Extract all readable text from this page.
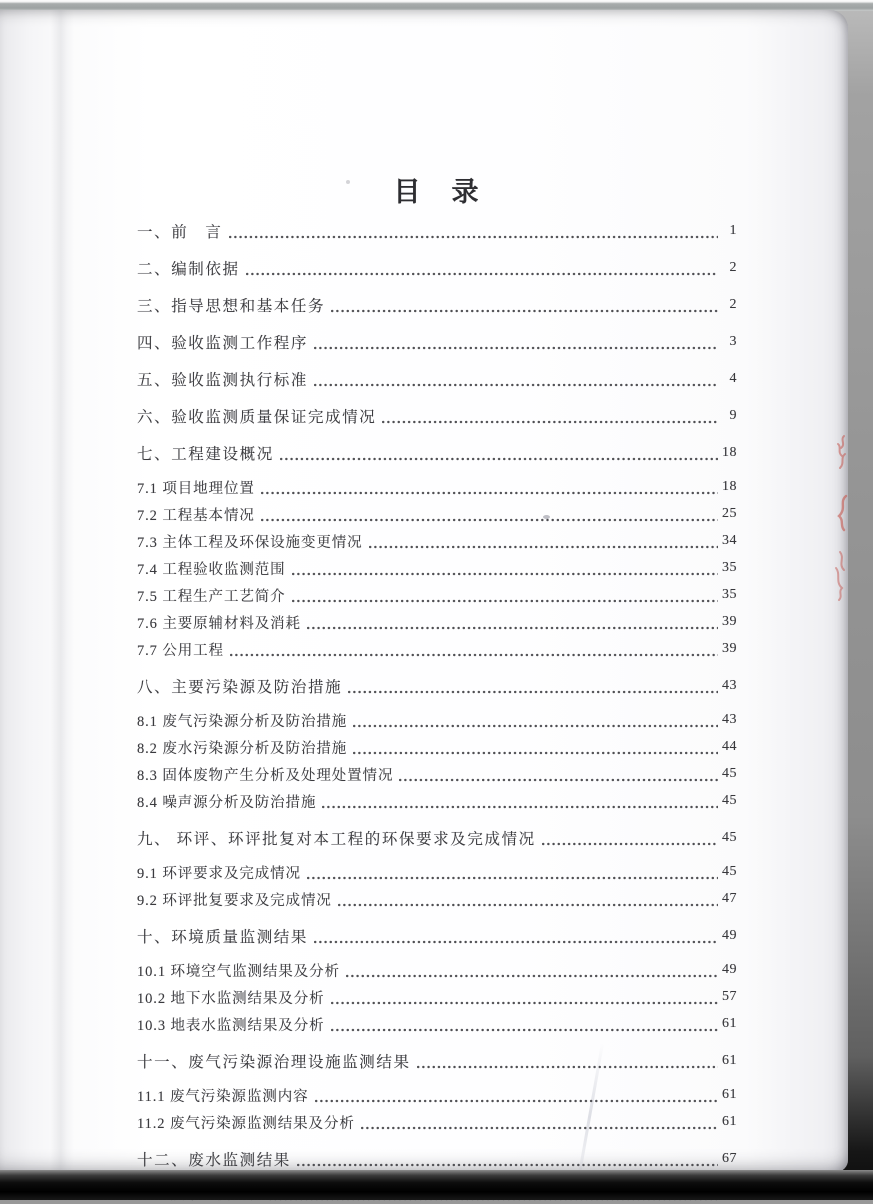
目　录
一、前　言	1
二、编制依据	2
三、指导思想和基本任务	2
四、验收监测工作程序	3
五、验收监测执行标准	4
六、验收监测质量保证完成情况	9
七、工程建设概况	18
7.1 项目地理位置	18
7.2 工程基本情况	25
7.3 主体工程及环保设施变更情况	34
7.4 工程验收监测范围	35
7.5 工程生产工艺简介	35
7.6 主要原辅材料及消耗	39
7.7 公用工程	39
八、主要污染源及防治措施	43
8.1 废气污染源分析及防治措施	43
8.2 废水污染源分析及防治措施	44
8.3 固体废物产生分析及处理处置情况	45
8.4 噪声源分析及防治措施	45
九、 环评、环评批复对本工程的环保要求及完成情况	45
9.1 环评要求及完成情况	45
9.2 环评批复要求及完成情况	47
十、环境质量监测结果	49
10.1 环境空气监测结果及分析	49
10.2 地下水监测结果及分析	57
10.3 地表水监测结果及分析	61
十一、废气污染源治理设施监测结果	61
11.1 废气污染源监测内容	61
11.2 废气污染源监测结果及分析	61
十二、废水监测结果	67
